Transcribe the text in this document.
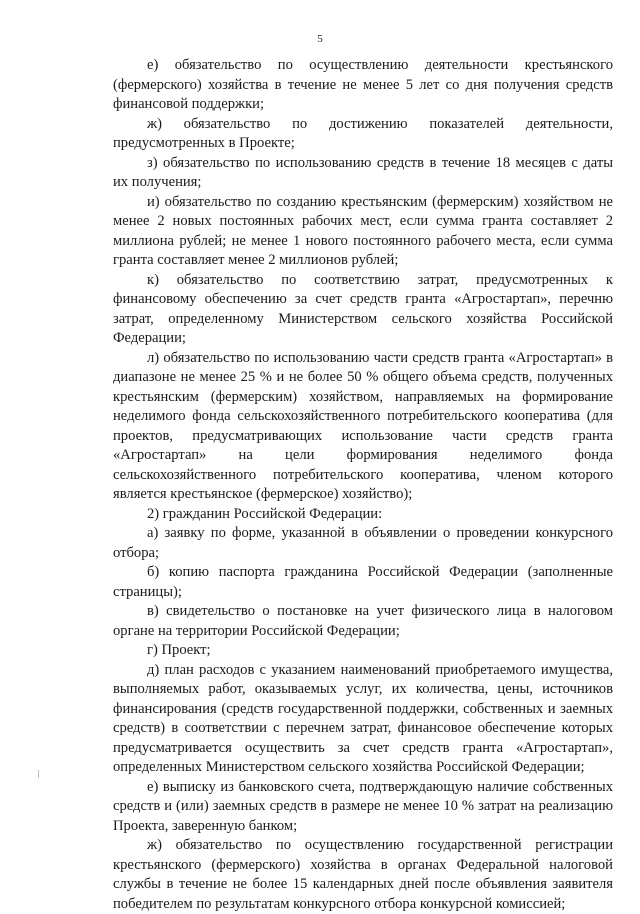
5

е) обязательство по осуществлению деятельности крестьянского (фермерского) хозяйства в течение не менее 5 лет со дня получения средств финансовой поддержки;

ж) обязательство по достижению показателей деятельности, предусмотренных в Проекте;

з) обязательство по использованию средств в течение 18 месяцев с даты их получения;

и) обязательство по созданию крестьянским (фермерским) хозяйством не менее 2 новых постоянных рабочих мест, если сумма гранта составляет 2 миллиона рублей; не менее 1 нового постоянного рабочего места, если сумма гранта составляет менее 2 миллионов рублей;

к) обязательство по соответствию затрат, предусмотренных к финансовому обеспечению за счет средств гранта «Агростартап», перечню затрат, определенному Министерством сельского хозяйства Российской Федерации;

л) обязательство по использованию части средств гранта «Агростартап» в диапазоне не менее 25 % и не более 50 % общего объема средств, полученных крестьянским (фермерским) хозяйством, направляемых на формирование неделимого фонда сельскохозяйственного потребительского кооператива (для проектов, предусматривающих использование части средств гранта «Агростартап» на цели формирования неделимого фонда сельскохозяйственного потребительского кооператива, членом которого является крестьянское (фермерское) хозяйство);

2) гражданин Российской Федерации:

а) заявку по форме, указанной в объявлении о проведении конкурсного отбора;

б) копию паспорта гражданина Российской Федерации (заполненные страницы);

в) свидетельство о постановке на учет физического лица в налоговом органе на территории Российской Федерации;

г) Проект;

д) план расходов с указанием наименований приобретаемого имущества, выполняемых работ, оказываемых услуг, их количества, цены, источников финансирования (средств государственной поддержки, собственных и заемных средств) в соответствии с перечнем затрат, финансовое обеспечение которых предусматривается осуществить за счет средств гранта «Агростартап», определенных Министерством сельского хозяйства Российской Федерации;

е) выписку из банковского счета, подтверждающую наличие собственных средств и (или) заемных средств в размере не менее 10 % затрат на реализацию Проекта, заверенную банком;

ж) обязательство по осуществлению государственной регистрации крестьянского (фермерского) хозяйства в органах Федеральной налоговой службы в течение не более 15 календарных дней после объявления заявителя победителем по результатам конкурсного отбора конкурсной комиссией;
